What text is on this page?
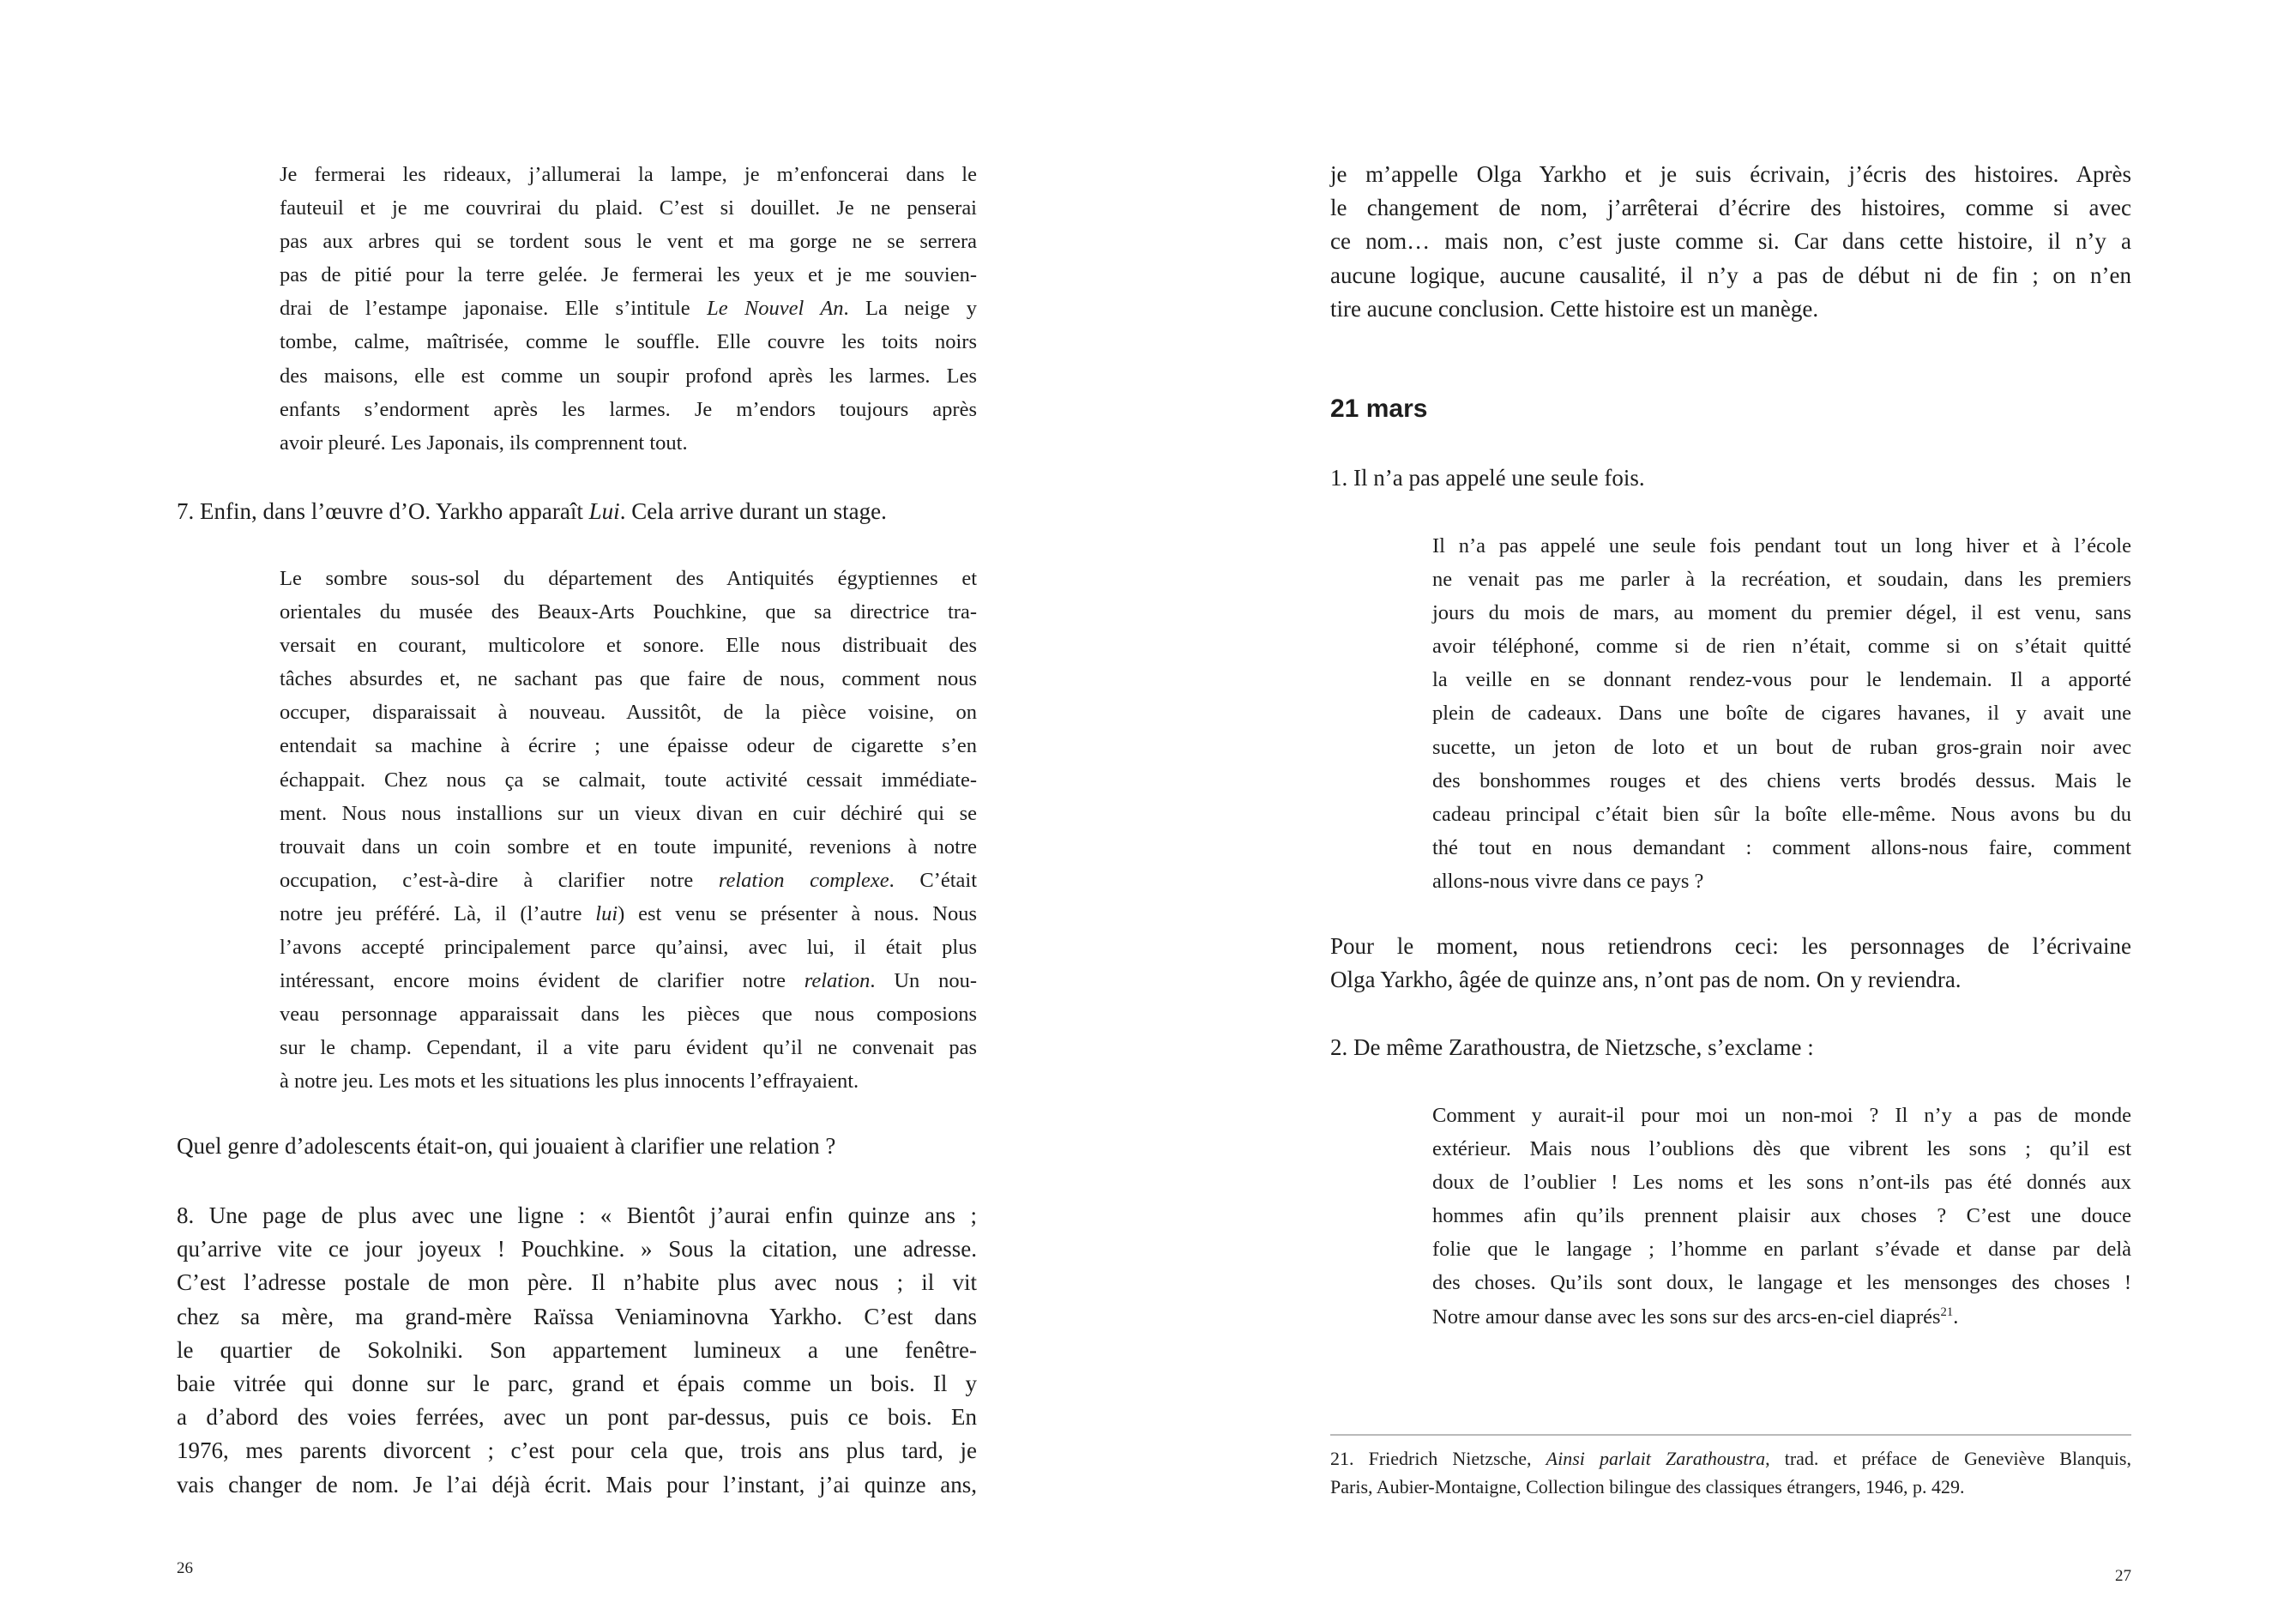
Je fermerai les rideaux, j’allumerai la lampe, je m’enfoncerai dans le
fauteuil et je me couvrirai du plaid. C’est si douillet. Je ne penserai
pas aux arbres qui se tordent sous le vent et ma gorge ne se serrera
pas de pitié pour la terre gelée. Je fermerai les yeux et je me souvien-
drai de l’estampe japonaise. Elle s’intitule Le Nouvel An. La neige y
tombe, calme, maîtrisée, comme le souffle. Elle couvre les toits noirs
des maisons, elle est comme un soupir profond après les larmes. Les
enfants s’endorment après les larmes. Je m’endors toujours après
avoir pleuré. Les Japonais, ils comprennent tout.
7. Enfin, dans l’œuvre d’O. Yarkho apparaît Lui. Cela arrive durant un stage.
Le sombre sous-sol du département des Antiquités égyptiennes et
orientales du musée des Beaux-Arts Pouchkine, que sa directrice tra-
versait en courant, multicolore et sonore. Elle nous distribuait des
tâches absurdes et, ne sachant pas que faire de nous, comment nous
occuper, disparaissait à nouveau. Aussitôt, de la pièce voisine, on
entendait sa machine à écrire ; une épaisse odeur de cigarette s’en
échappait. Chez nous ça se calmait, toute activité cessait immédiate-
ment. Nous nous installions sur un vieux divan en cuir déchiré qui se
trouvait dans un coin sombre et en toute impunité, revenions à notre
occupation, c’est-à-dire à clarifier notre relation complexe. C’était
notre jeu préféré. Là, il (l’autre lui) est venu se présenter à nous. Nous
l’avons accepté principalement parce qu’ainsi, avec lui, il était plus
intéressant, encore moins évident de clarifier notre relation. Un nou-
veau personnage apparaissait dans les pièces que nous composions
sur le champ. Cependant, il a vite paru évident qu’il ne convenait pas
à notre jeu. Les mots et les situations les plus innocents l’effrayaient.
Quel genre d’adolescents était-on, qui jouaient à clarifier une relation ?
8. Une page de plus avec une ligne : « Bientôt j’aurai enfin quinze ans ;
qu’arrive vite ce jour joyeux ! Pouchkine. » Sous la citation, une adresse.
C’est l’adresse postale de mon père. Il n’habite plus avec nous ; il vit
chez sa mère, ma grand-mère Raïssa Veniaminovna Yarkho. C’est dans
le quartier de Sokolniki. Son appartement lumineux a une fenêtre-
baie vitrée qui donne sur le parc, grand et épais comme un bois. Il y
a d’abord des voies ferrées, avec un pont par-dessus, puis ce bois. En
1976, mes parents divorcent ; c’est pour cela que, trois ans plus tard, je
vais changer de nom. Je l’ai déjà écrit. Mais pour l’instant, j’ai quinze ans,
26
je m’appelle Olga Yarkho et je suis écrivain, j’écris des histoires. Après
le changement de nom, j’arrêterai d’écrire des histoires, comme si avec
ce nom… mais non, c’est juste comme si. Car dans cette histoire, il n’y a
aucune logique, aucune causalité, il n’y a pas de début ni de fin ; on n’en
tire aucune conclusion. Cette histoire est un manège.
21 mars
1. Il n’a pas appelé une seule fois.
Il n’a pas appelé une seule fois pendant tout un long hiver et à l’école
ne venait pas me parler à la recréation, et soudain, dans les premiers
jours du mois de mars, au moment du premier dégel, il est venu, sans
avoir téléphoné, comme si de rien n’était, comme si on s’était quitté
la veille en se donnant rendez-vous pour le lendemain. Il a apporté
plein de cadeaux. Dans une boîte de cigares havanes, il y avait une
sucette, un jeton de loto et un bout de ruban gros-grain noir avec
des bonshommes rouges et des chiens verts brodés dessus. Mais le
cadeau principal c’était bien sûr la boîte elle-même. Nous avons bu du
thé tout en nous demandant : comment allons-nous faire, comment
allons-nous vivre dans ce pays ?
Pour le moment, nous retiendrons ceci: les personnages de l’écrivaine
Olga Yarkho, âgée de quinze ans, n’ont pas de nom. On y reviendra.
2. De même Zarathoustra, de Nietzsche, s’exclame :
Comment y aurait-il pour moi un non-moi ? Il n’y a pas de monde
extérieur. Mais nous l’oublions dès que vibrent les sons ; qu’il est
doux de l’oublier ! Les noms et les sons n’ont-ils pas été donnés aux
hommes afin qu’ils prennent plaisir aux choses ? C’est une douce
folie que le langage ; l’homme en parlant s’évade et danse par delà
des choses. Qu’ils sont doux, le langage et les mensonges des choses !
Notre amour danse avec les sons sur des arcs-en-ciel diaprés$^{21}$.
21. Friedrich Nietzsche, Ainsi parlait Zarathoustra, trad. et préface de Geneviève Blanquis,
Paris, Aubier-Montaigne, Collection bilingue des classiques étrangers, 1946, p. 429.
27
